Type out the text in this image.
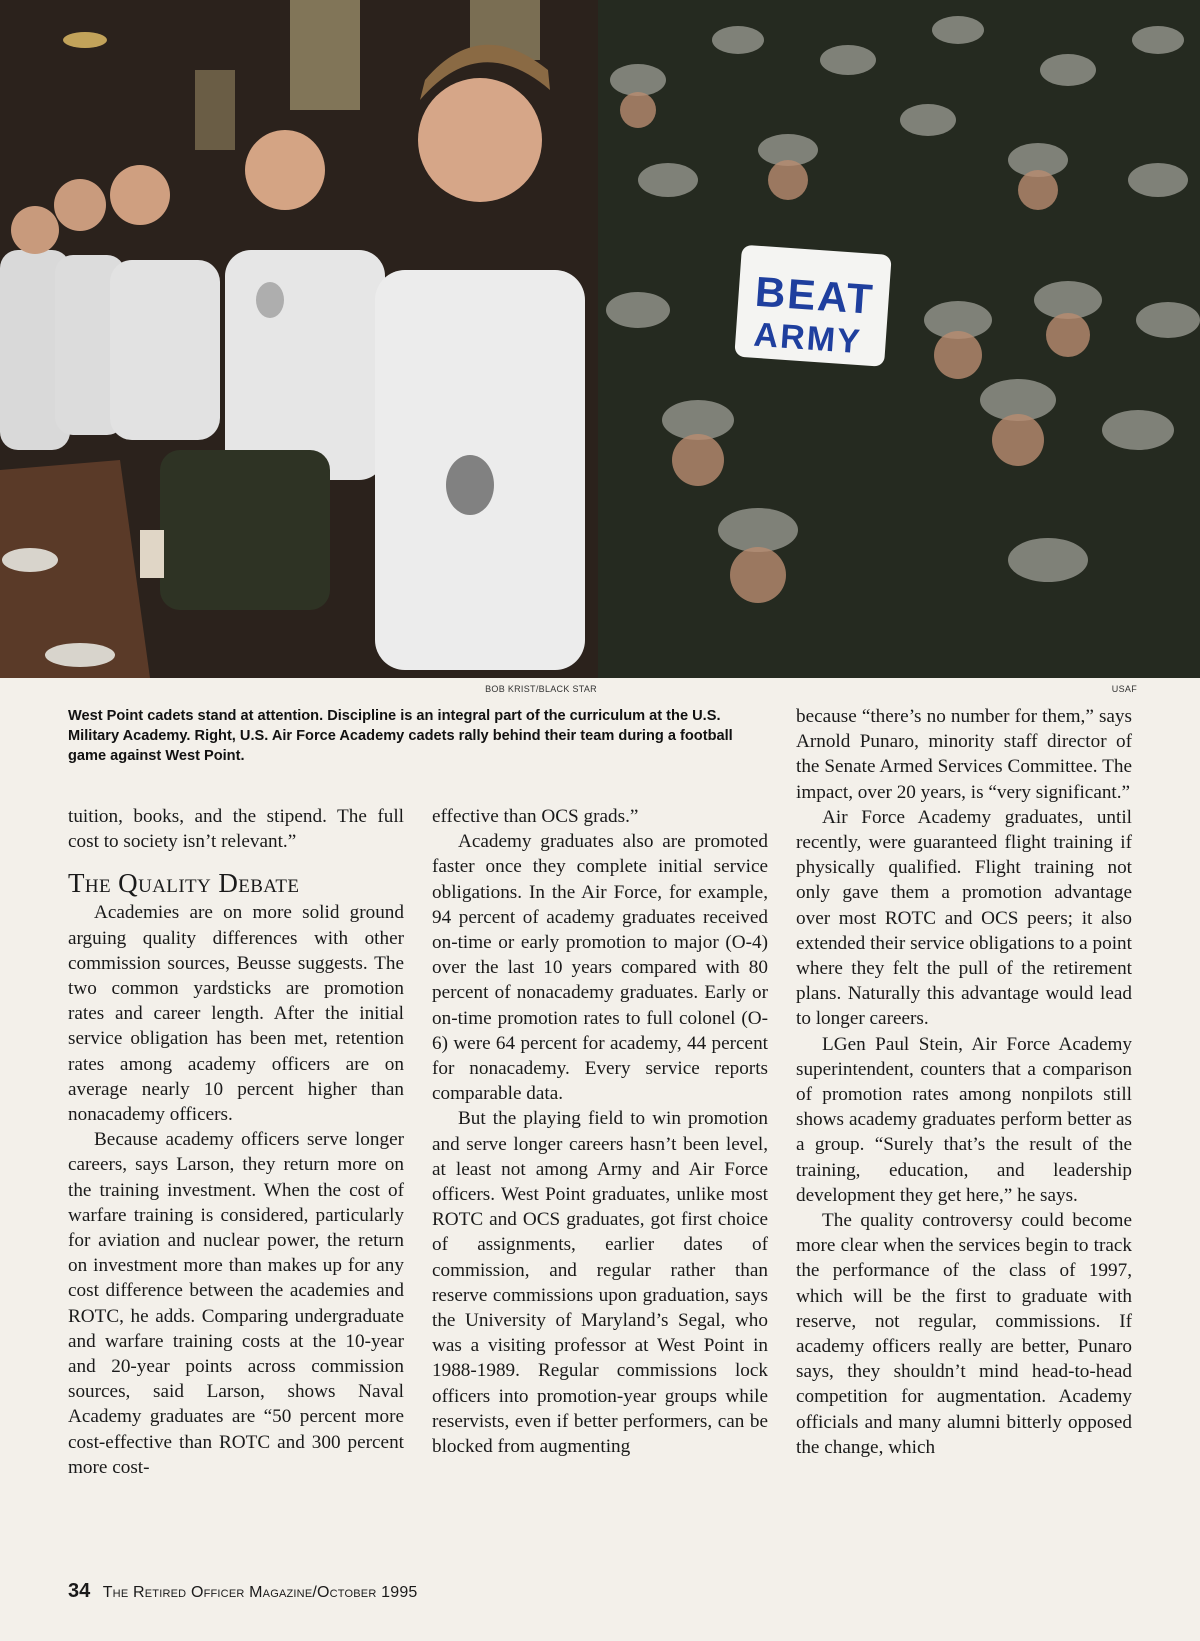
BEAT
ARMY
BOB KRIST/BLACK STAR	USAF
West Point cadets stand at attention. Discipline is an integral part of the curriculum at the U.S. Military Academy. Right, U.S. Air Force Academy cadets rally behind their team during a football game against West Point.

tuition, books, and the stipend. The full cost to society isn’t relevant.”

The Quality Debate

Academies are on more solid ground arguing quality differences with other commission sources, Beusse suggests. The two common yardsticks are promotion rates and career length. After the initial service obligation has been met, retention rates among academy officers are on average nearly 10 percent higher than nonacademy officers.

Because academy officers serve longer careers, says Larson, they return more on the training investment. When the cost of warfare training is considered, particularly for aviation and nuclear power, the return on investment more than makes up for any cost difference between the academies and ROTC, he adds. Comparing undergraduate and warfare training costs at the 10-year and 20-year points across commission sources, said Larson, shows Naval Academy graduates are “50 percent more cost-effective than ROTC and 300 percent more cost-

effective than OCS grads.”

Academy graduates also are promoted faster once they complete initial service obligations. In the Air Force, for example, 94 percent of academy graduates received on-time or early promotion to major (O-4) over the last 10 years compared with 80 percent of nonacademy graduates. Early or on-time promotion rates to full colonel (O-6) were 64 percent for academy, 44 percent for nonacademy. Every service reports comparable data.

But the playing field to win promotion and serve longer careers hasn’t been level, at least not among Army and Air Force officers. West Point graduates, unlike most ROTC and OCS graduates, got first choice of assignments, earlier dates of commission, and regular rather than reserve commissions upon graduation, says the University of Maryland’s Segal, who was a visiting professor at West Point in 1988-1989. Regular commissions lock officers into promotion-year groups while reservists, even if better performers, can be blocked from augmenting

because “there’s no number for them,” says Arnold Punaro, minority staff director of the Senate Armed Services Committee. The impact, over 20 years, is “very significant.”

Air Force Academy graduates, until recently, were guaranteed flight training if physically qualified. Flight training not only gave them a promotion advantage over most ROTC and OCS peers; it also extended their service obligations to a point where they felt the pull of the retirement plans. Naturally this advantage would lead to longer careers.

LGen Paul Stein, Air Force Academy superintendent, counters that a comparison of promotion rates among nonpilots still shows academy graduates perform better as a group. “Surely that’s the result of the training, education, and leadership development they get here,” he says.

The quality controversy could become more clear when the services begin to track the performance of the class of 1997, which will be the first to graduate with reserve, not regular, commissions. If academy officers really are better, Punaro says, they shouldn’t mind head-to-head competition for augmentation. Academy officials and many alumni bitterly opposed the change, which

34 The Retired Officer Magazine/October 1995
